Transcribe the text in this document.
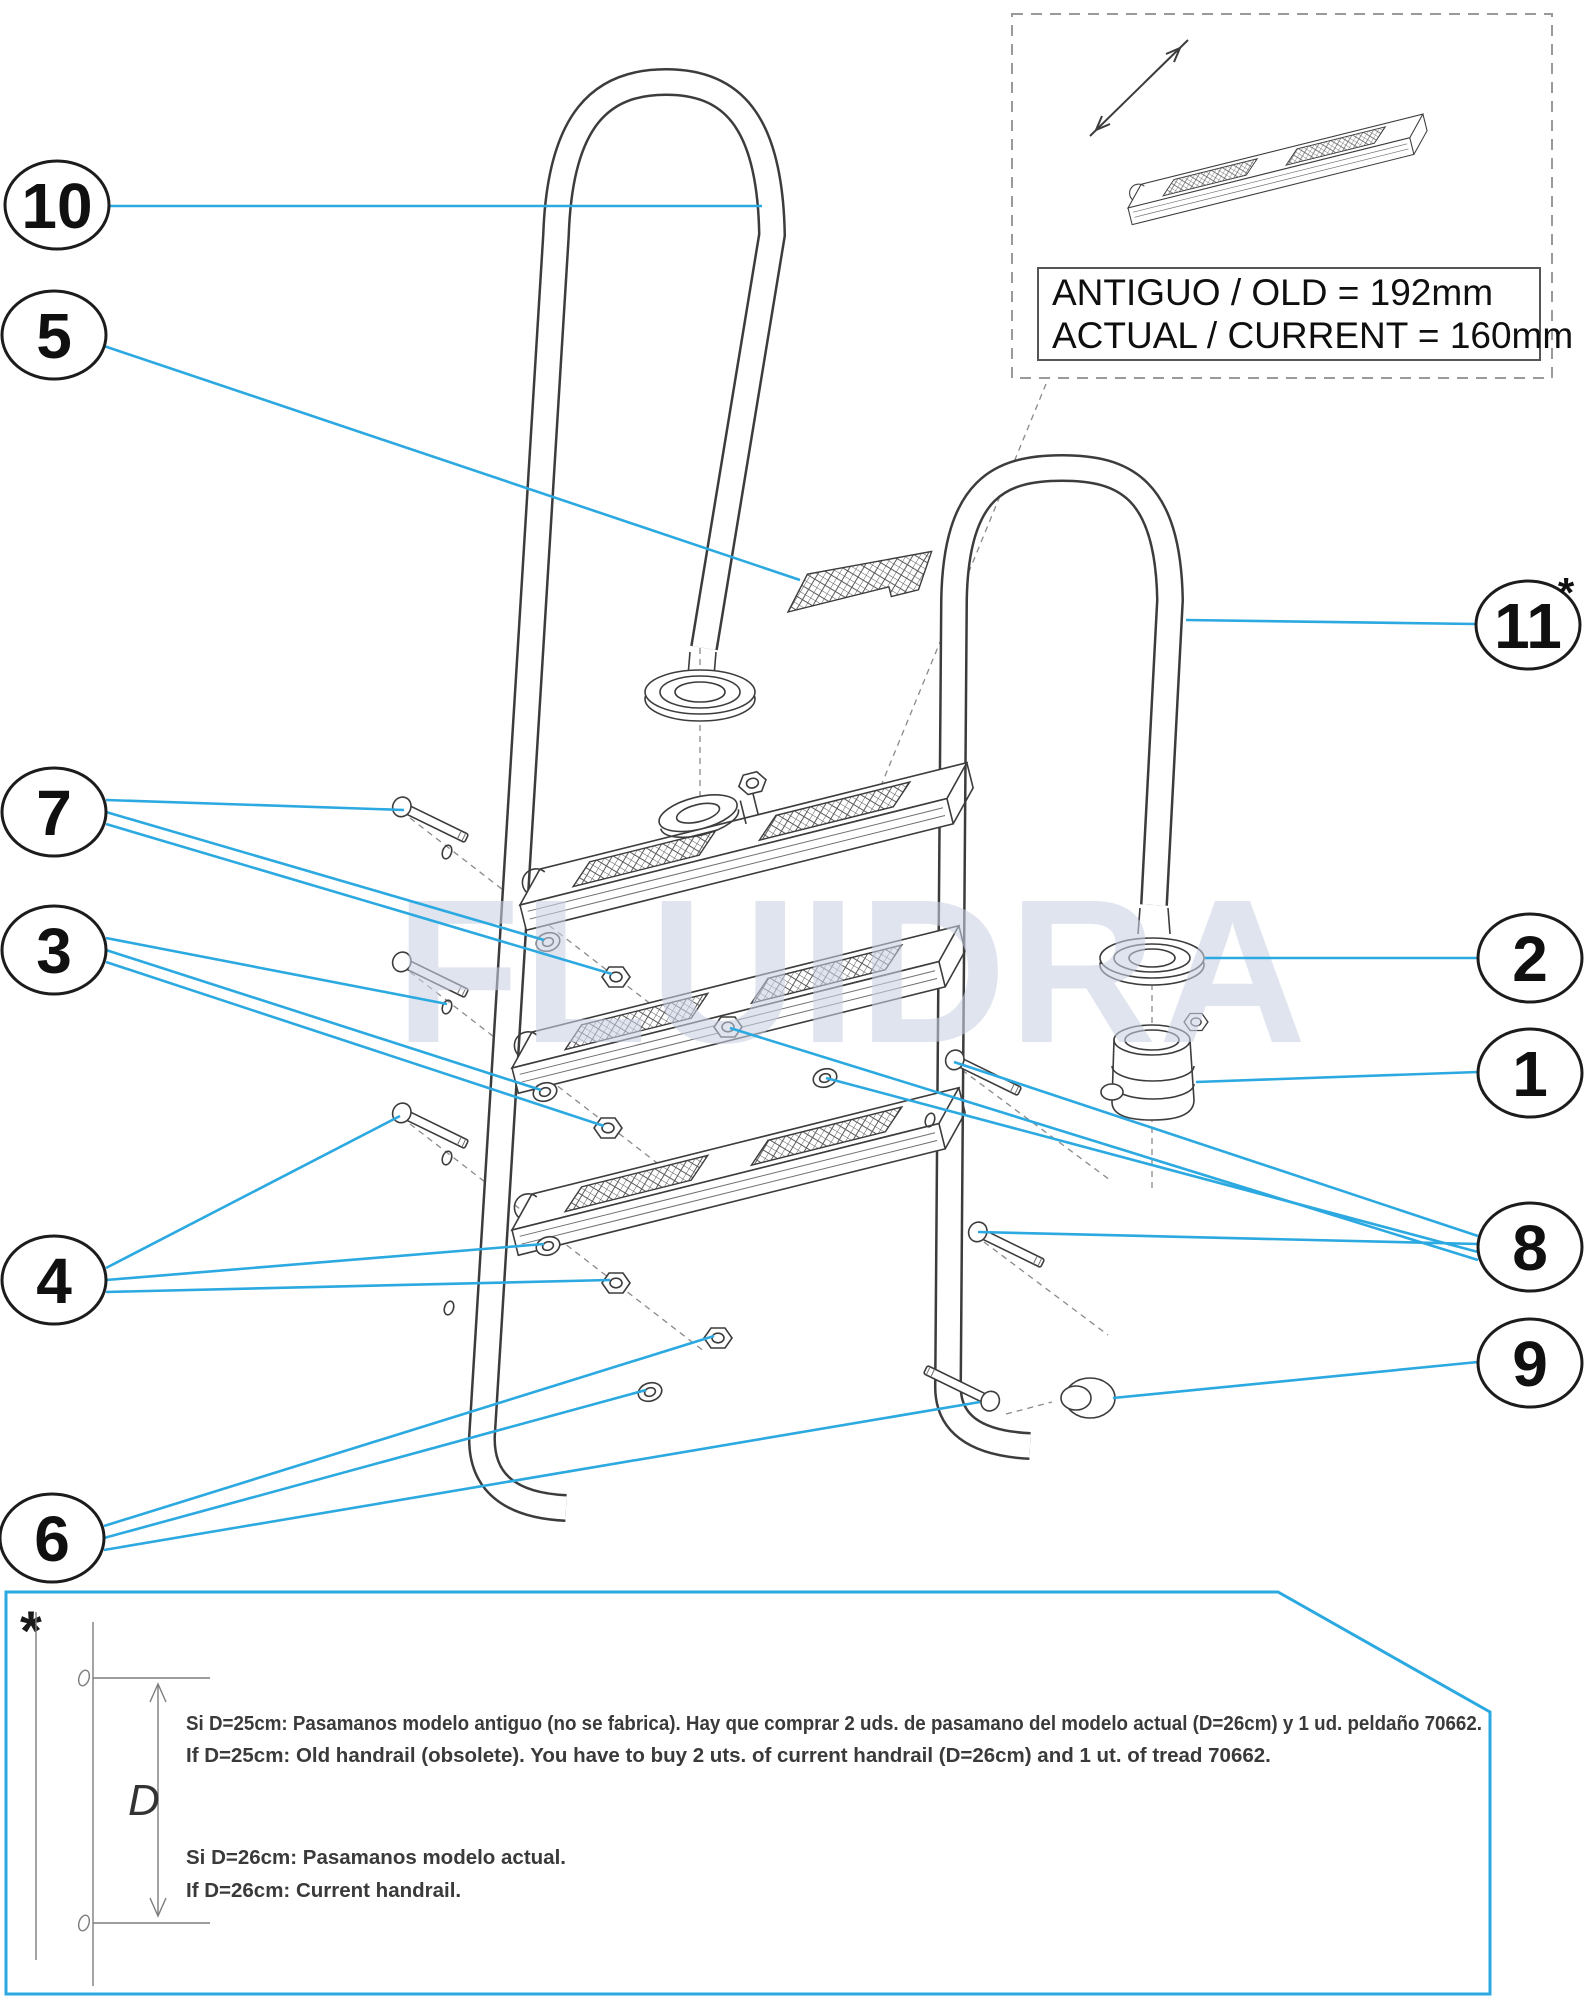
FLUIDRA
10
5
7
3
4
6
11
*
2
1
8
9
ANTIGUO / OLD = 192mm
ACTUAL / CURRENT = 160mm
*
D
Si D=25cm: Pasamanos modelo antiguo (no se fabrica). Hay que comprar 2 uds. de pasamano del modelo actual (D=26cm) y 1 ud. peldaño 70662.
If D=25cm: Old handrail (obsolete). You have to buy 2 uts. of current handrail (D=26cm) and 1 ut. of tread 70662.
Si D=26cm: Pasamanos modelo actual.
If D=26cm: Current handrail.
